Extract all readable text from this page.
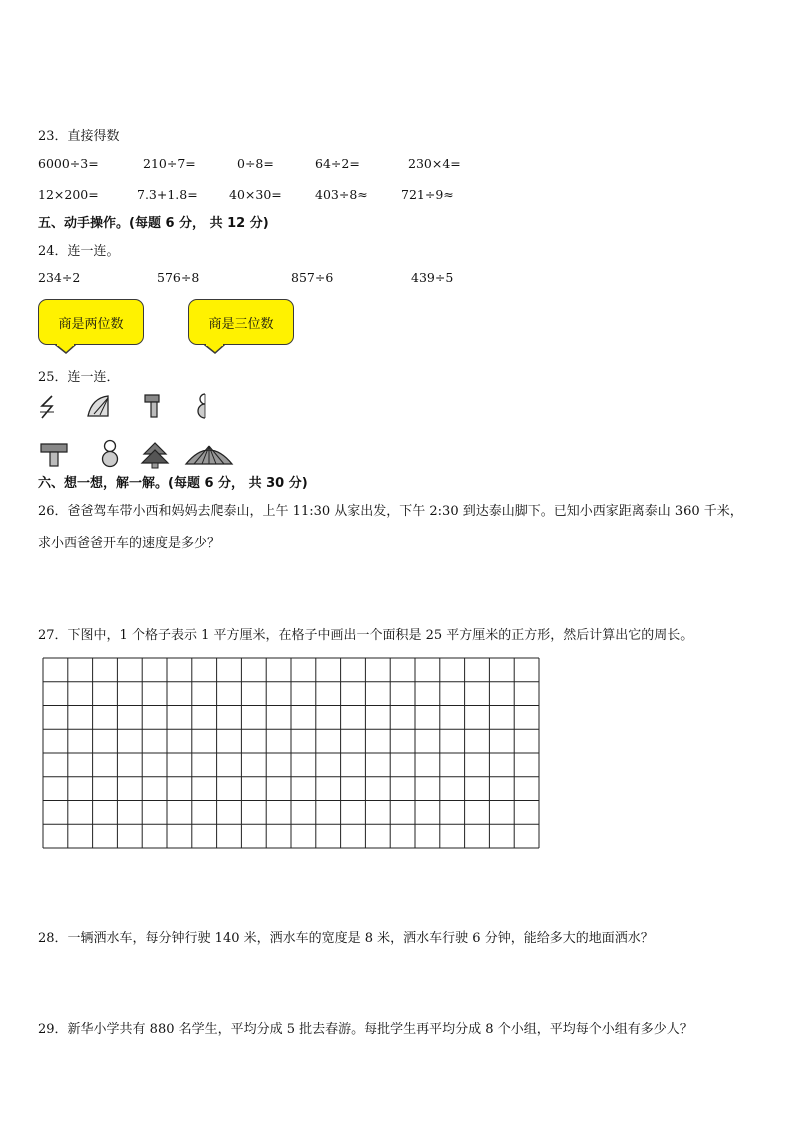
23．直接得数
6000÷3=	210÷7=	0÷8=	64÷2=	230×4=
12×200=	7.3+1.8=	40×30=	403÷8≈	721÷9≈
五、动手操作。(每题 6 分， 共 12 分)
24．连一连。
234÷2	576÷8	857÷6	439÷5
商是两位数	商是三位数
25．连一连．
六、想一想，解一解。(每题 6 分， 共 30 分)
26．爸爸驾车带小西和妈妈去爬泰山，上午 11:30 从家出发，下午 2:30 到达泰山脚下。已知小西家距离泰山 360 千米，
求小西爸爸开车的速度是多少？
27．下图中，1 个格子表示 1 平方厘米，在格子中画出一个面积是 25 平方厘米的正方形，然后计算出它的周长。
28．一辆洒水车，每分钟行驶 140 米，洒水车的宽度是 8 米，洒水车行驶 6 分钟，能给多大的地面洒水？
29．新华小学共有 880 名学生，平均分成 5 批去春游。每批学生再平均分成 8 个小组，平均每个小组有多少人？
